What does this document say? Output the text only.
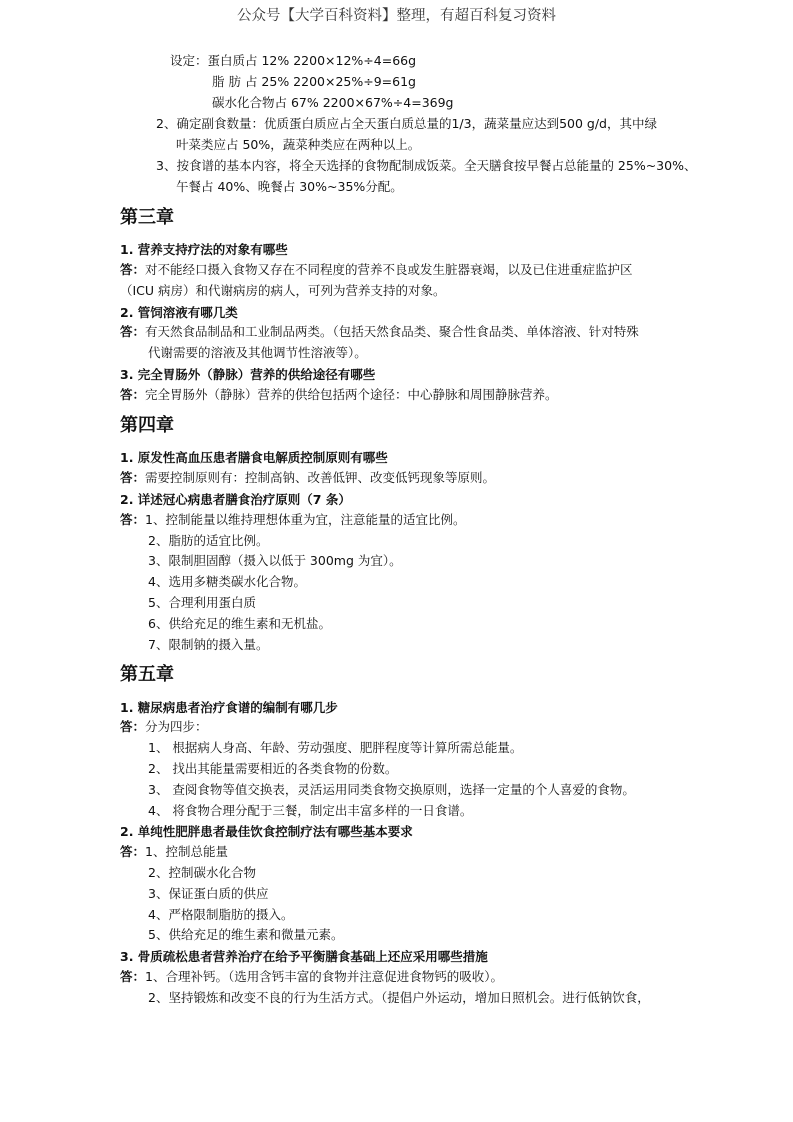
公众号【大学百科资料】整理，有超百科复习资料
设定：蛋白质占 12% 2200×12%÷4=66g
脂 肪 占 25% 2200×25%÷9=61g
碳水化合物占 67% 2200×67%÷4=369g
2、确定副食数量：优质蛋白质应占全天蛋白质总量的1/3，蔬菜量应达到500 g/d，其中绿
叶菜类应占 50%，蔬菜种类应在两种以上。
3、按食谱的基本内容，将全天选择的食物配制成饭菜。全天膳食按早餐占总能量的 25%~30%、
午餐占 40%、晚餐占 30%~35%分配。
第三章
1. 营养支持疗法的对象有哪些
答：对不能经口摄入食物又存在不同程度的营养不良或发生脏器衰竭，以及已住进重症监护区
（ICU 病房）和代谢病房的病人，可列为营养支持的对象。
2. 管饲溶液有哪几类
答：有天然食品制品和工业制品两类。（包括天然食品类、聚合性食品类、单体溶液、针对特殊
代谢需要的溶液及其他调节性溶液等）。
3. 完全胃肠外（静脉）营养的供给途径有哪些
答：完全胃肠外（静脉）营养的供给包括两个途径：中心静脉和周围静脉营养。
第四章
1. 原发性高血压患者膳食电解质控制原则有哪些
答：需要控制原则有：控制高钠、改善低钾、改变低钙现象等原则。
2. 详述冠心病患者膳食治疗原则（7 条）
答：1、控制能量以维持理想体重为宜，注意能量的适宜比例。
2、脂肪的适宜比例。
3、限制胆固醇（摄入以低于 300mg 为宜）。
4、选用多糖类碳水化合物。
5、合理利用蛋白质
6、供给充足的维生素和无机盐。
7、限制钠的摄入量。
第五章
1. 糖尿病患者治疗食谱的编制有哪几步
答：分为四步：
1、 根据病人身高、年龄、劳动强度、肥胖程度等计算所需总能量。
2、 找出其能量需要相近的各类食物的份数。
3、 查阅食物等值交换表，灵活运用同类食物交换原则，选择一定量的个人喜爱的食物。
4、 将食物合理分配于三餐，制定出丰富多样的一日食谱。
2. 单纯性肥胖患者最佳饮食控制疗法有哪些基本要求
答：1、控制总能量
2、控制碳水化合物
3、保证蛋白质的供应
4、严格限制脂肪的摄入。
5、供给充足的维生素和微量元素。
3. 骨质疏松患者营养治疗在给予平衡膳食基础上还应采用哪些措施
答：1、合理补钙。（选用含钙丰富的食物并注意促进食物钙的吸收）。
2、坚持锻炼和改变不良的行为生活方式。（提倡户外运动，增加日照机会。进行低钠饮食，
